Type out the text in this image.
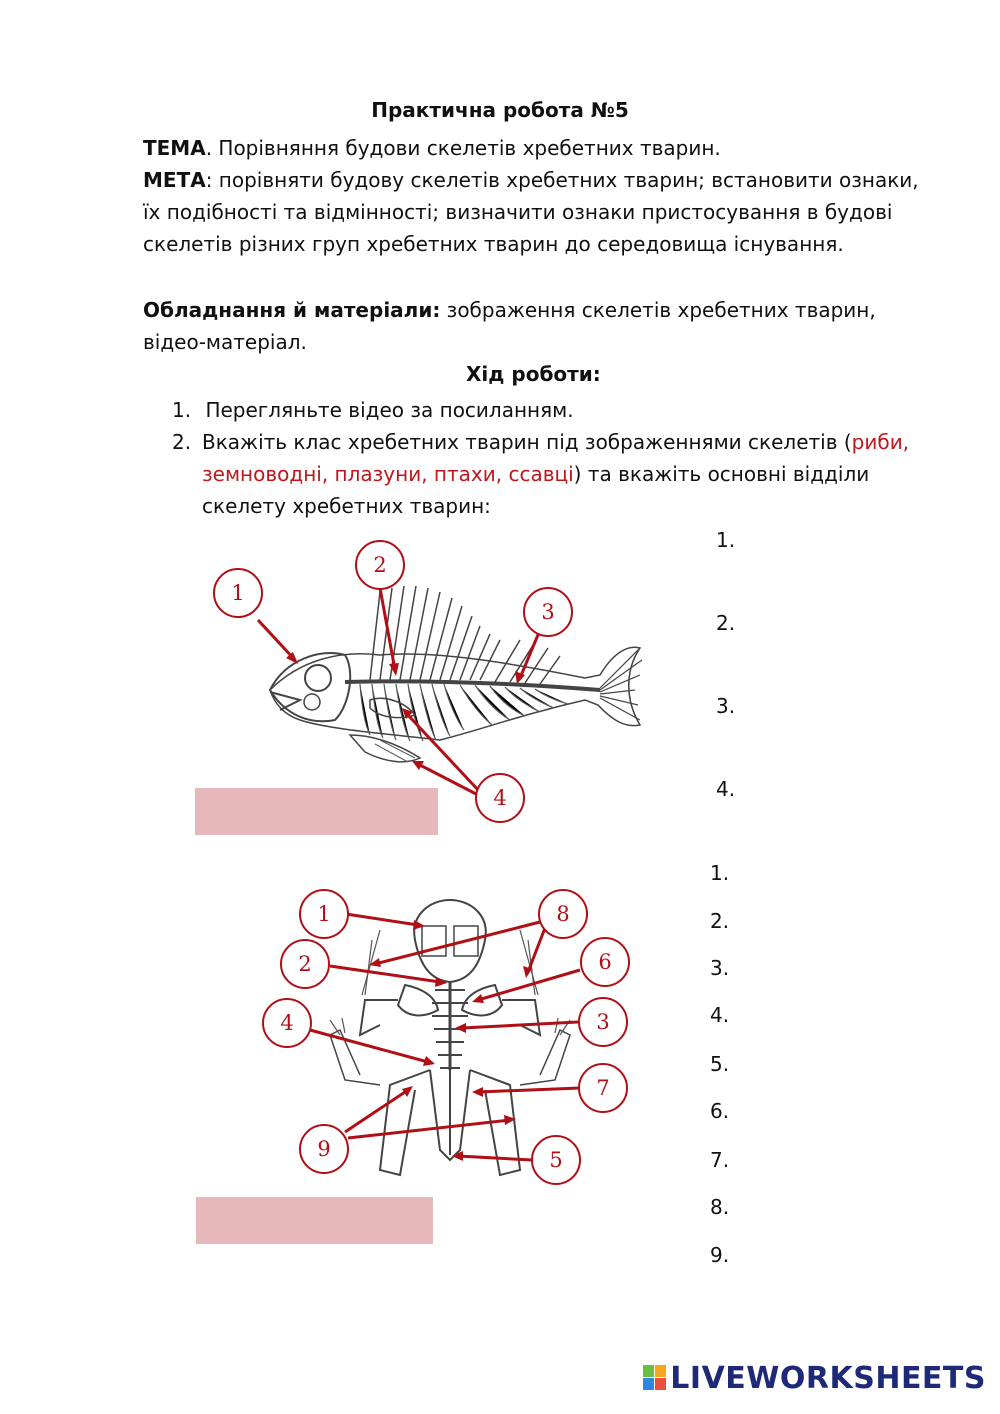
Практична робота №5
ТЕМА. Порівняння будови скелетів хребетних тварин.
МЕТА: порівняти будову скелетів хребетних тварин; встановити ознаки, їх подібності та відмінності; визначити ознаки пристосування в будові скелетів різних груп хребетних тварин до середовища існування.
Обладнання й матеріали: зображення скелетів хребетних тварин, відео-матеріал.
Хід роботи:
1. Перегляньте відео за посиланням.
2. Вкажіть клас хребетних тварин під зображеннями скелетів (риби, земноводні, плазуни, птахи, ссавці) та вкажіть основні відділи скелету хребетних тварин:
1
2
3
4
1.
2.
3.
4.
1
2
3
4
5
6
7
8
9
1.
2.
3.
4.
5.
6.
7.
8.
9.
LIVEWORKSHEETS
